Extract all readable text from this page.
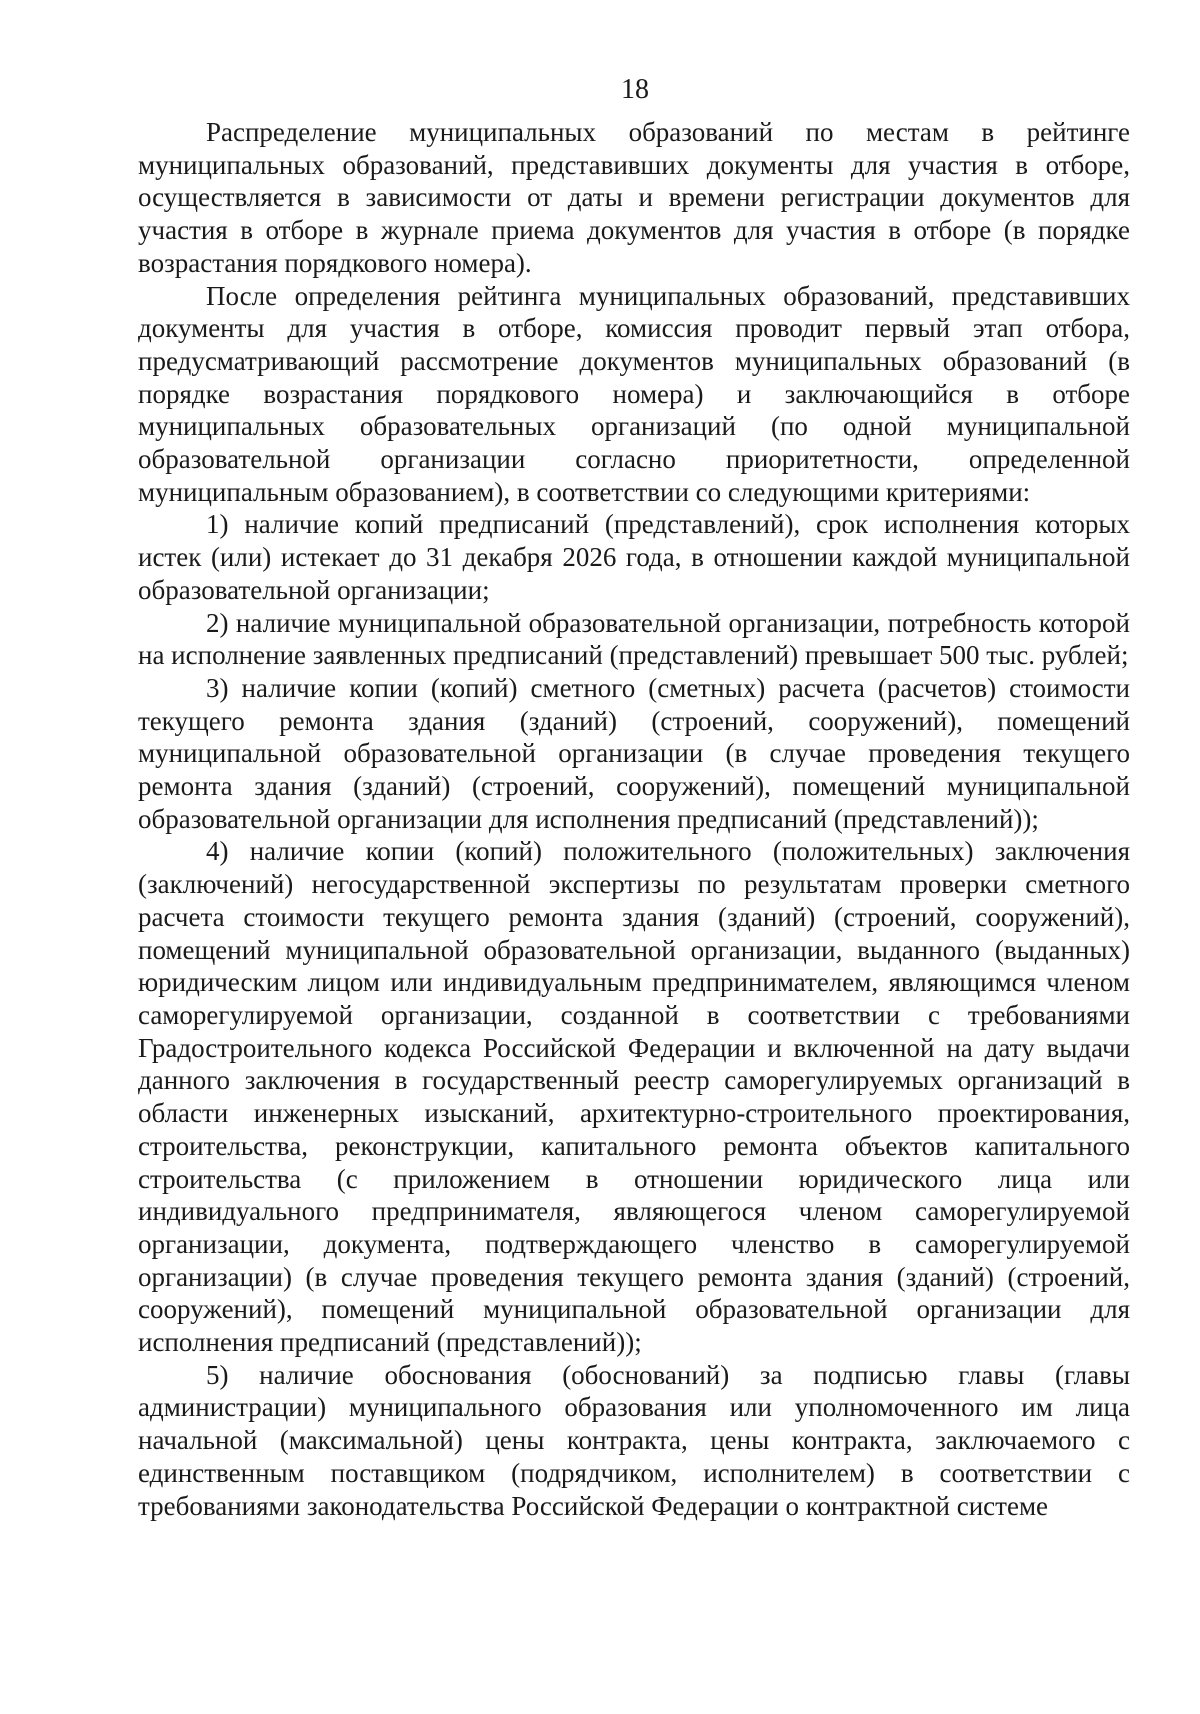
18

Распределение муниципальных образований по местам в рейтинге муниципальных образований, представивших документы для участия в отборе, осуществляется в зависимости от даты и времени регистрации документов для участия в отборе в журнале приема документов для участия в отборе (в порядке возрастания порядкового номера).

После определения рейтинга муниципальных образований, представивших документы для участия в отборе, комиссия проводит первый этап отбора, предусматривающий рассмотрение документов муниципальных образований (в порядке возрастания порядкового номера) и заключающийся в отборе муниципальных образовательных организаций (по одной муниципальной образовательной организации согласно приоритетности, определенной муниципальным образованием), в соответствии со следующими критериями:

1) наличие копий предписаний (представлений), срок исполнения которых истек (или) истекает до 31 декабря 2026 года, в отношении каждой муниципальной образовательной организации;

2) наличие муниципальной образовательной организации, потребность которой на исполнение заявленных предписаний (представлений) превышает 500 тыс. рублей;

3) наличие копии (копий) сметного (сметных) расчета (расчетов) стоимости текущего ремонта здания (зданий) (строений, сооружений), помещений муниципальной образовательной организации (в случае проведения текущего ремонта здания (зданий) (строений, сооружений), помещений муниципальной образовательной организации для исполнения предписаний (представлений));

4) наличие копии (копий) положительного (положительных) заключения (заключений) негосударственной экспертизы по результатам проверки сметного расчета стоимости текущего ремонта здания (зданий) (строений, сооружений), помещений муниципальной образовательной организации, выданного (выданных) юридическим лицом или индивидуальным предпринимателем, являющимся членом саморегулируемой организации, созданной в соответствии с требованиями Градостроительного кодекса Российской Федерации и включенной на дату выдачи данного заключения в государственный реестр саморегулируемых организаций в области инженерных изысканий, архитектурно-строительного проектирования, строительства, реконструкции, капитального ремонта объектов капитального строительства (с приложением в отношении юридического лица или индивидуального предпринимателя, являющегося членом саморегулируемой организации, документа, подтверждающего членство в саморегулируемой организации) (в случае проведения текущего ремонта здания (зданий) (строений, сооружений), помещений муниципальной образовательной организации для исполнения предписаний (представлений));

5) наличие обоснования (обоснований) за подписью главы (главы администрации) муниципального образования или уполномоченного им лица начальной (максимальной) цены контракта, цены контракта, заключаемого с единственным поставщиком (подрядчиком, исполнителем) в соответствии с требованиями законодательства Российской Федерации о контрактной системе
